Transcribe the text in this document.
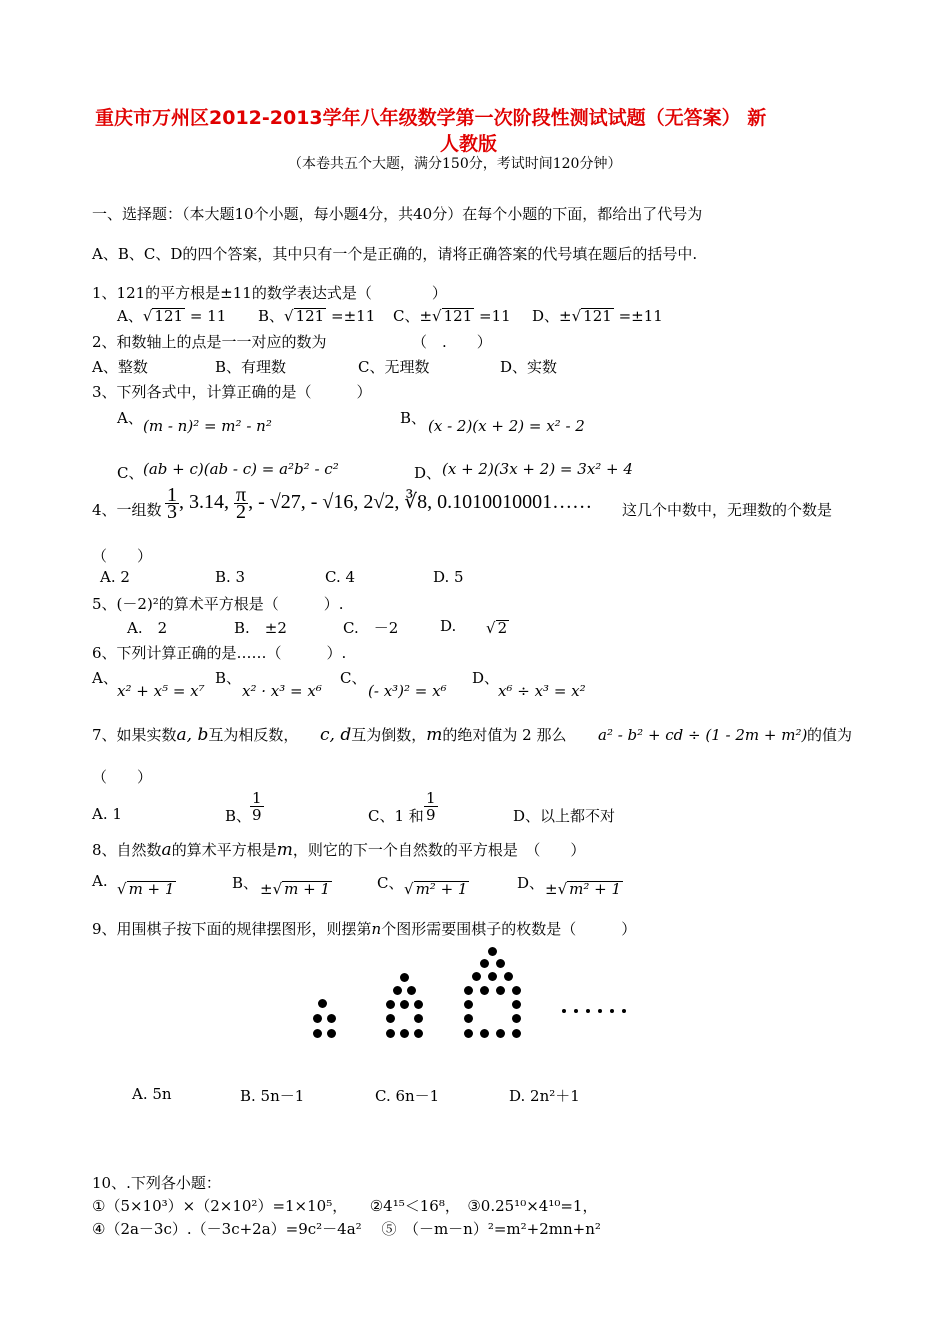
重庆市万州区2012-2013学年八年级数学第一次阶段性测试试题（无答案） 新
人教版
（本卷共五个大题，满分150分，考试时间120分钟）
一、选择题：（本大题10个小题，每小题4分，共40分）在每个小题的下面，都给出了代号为
A、B、C、D的四个答案，其中只有一个是正确的，请将正确答案的代号填在题后的括号中.
1、121的平方根是±11的数学表达式是（　　　　）
A、√ 121 = 11 B、√ 121 =±11 C、±√ 121 =11 D、±√ 121 =±11
2、和数轴上的点是一一对应的数为	（　.　　）
A、整数	B、有理数	C、无理数	D、实数
3、下列各式中，计算正确的是（　　　）
A、 (m - n)² = m² - n²	B、 (x - 2)(x + 2) = x² - 2
C、 (ab + c)(ab - c) = a²b² - c²	D、 (x + 2)(3x + 2) = 3x² + 4
4、一组数 $\frac{1}{3}$ , 3.14, $\frac{\pi}{2}$ , - √27, - √16, 2√2, ∛8, 0.1010010001…… 这几个中数中，无理数的个数是
（　　）
A. 2	B. 3	C. 4	D. 5
5、(－2)²的算术平方根是（　　　）.
A.　2	B.　±2	C.　－2	D. √ 2
6、下列计算正确的是……（　　　）.
A、
x² + x⁵ = x⁷
B、
x² · x³ = x⁶
C、
(- x³)² = x⁶
D、
x⁶ ÷ x³ = x²
7、如果实数a, b互为相反数， c, d互为倒数，m的绝对值为 2 那么 a² - b² + cd ÷ (1 - 2m + m²) 的值为
（　　）
A. 1	B、
$\frac{1}{9}$	C、1 和 $\frac{1}{9}$	D、以上都不对
8、自然数a的算术平方根是m，则它的下一个自然数的平方根是　（　　）
A. √ m + 1	B、 ±√ m + 1	C、 √ m² + 1	D、 ±√ m² + 1
9、用围棋子按下面的规律摆图形，则摆第n个图形需要围棋子的枚数是（　　　）
A. 5n	B. 5n－1	C. 6n－1	D. 2n²＋1
10、.下列各小题：
①（5×10³）×（2×10²）=1×10⁵，　　②4¹⁵＜16⁸，　③0.25¹⁰×4¹⁰=1，
④（2a－3c）.（－3c+2a）=9c²－4a²　 ⑤　（－m－n）²=m²+2mn+n²
